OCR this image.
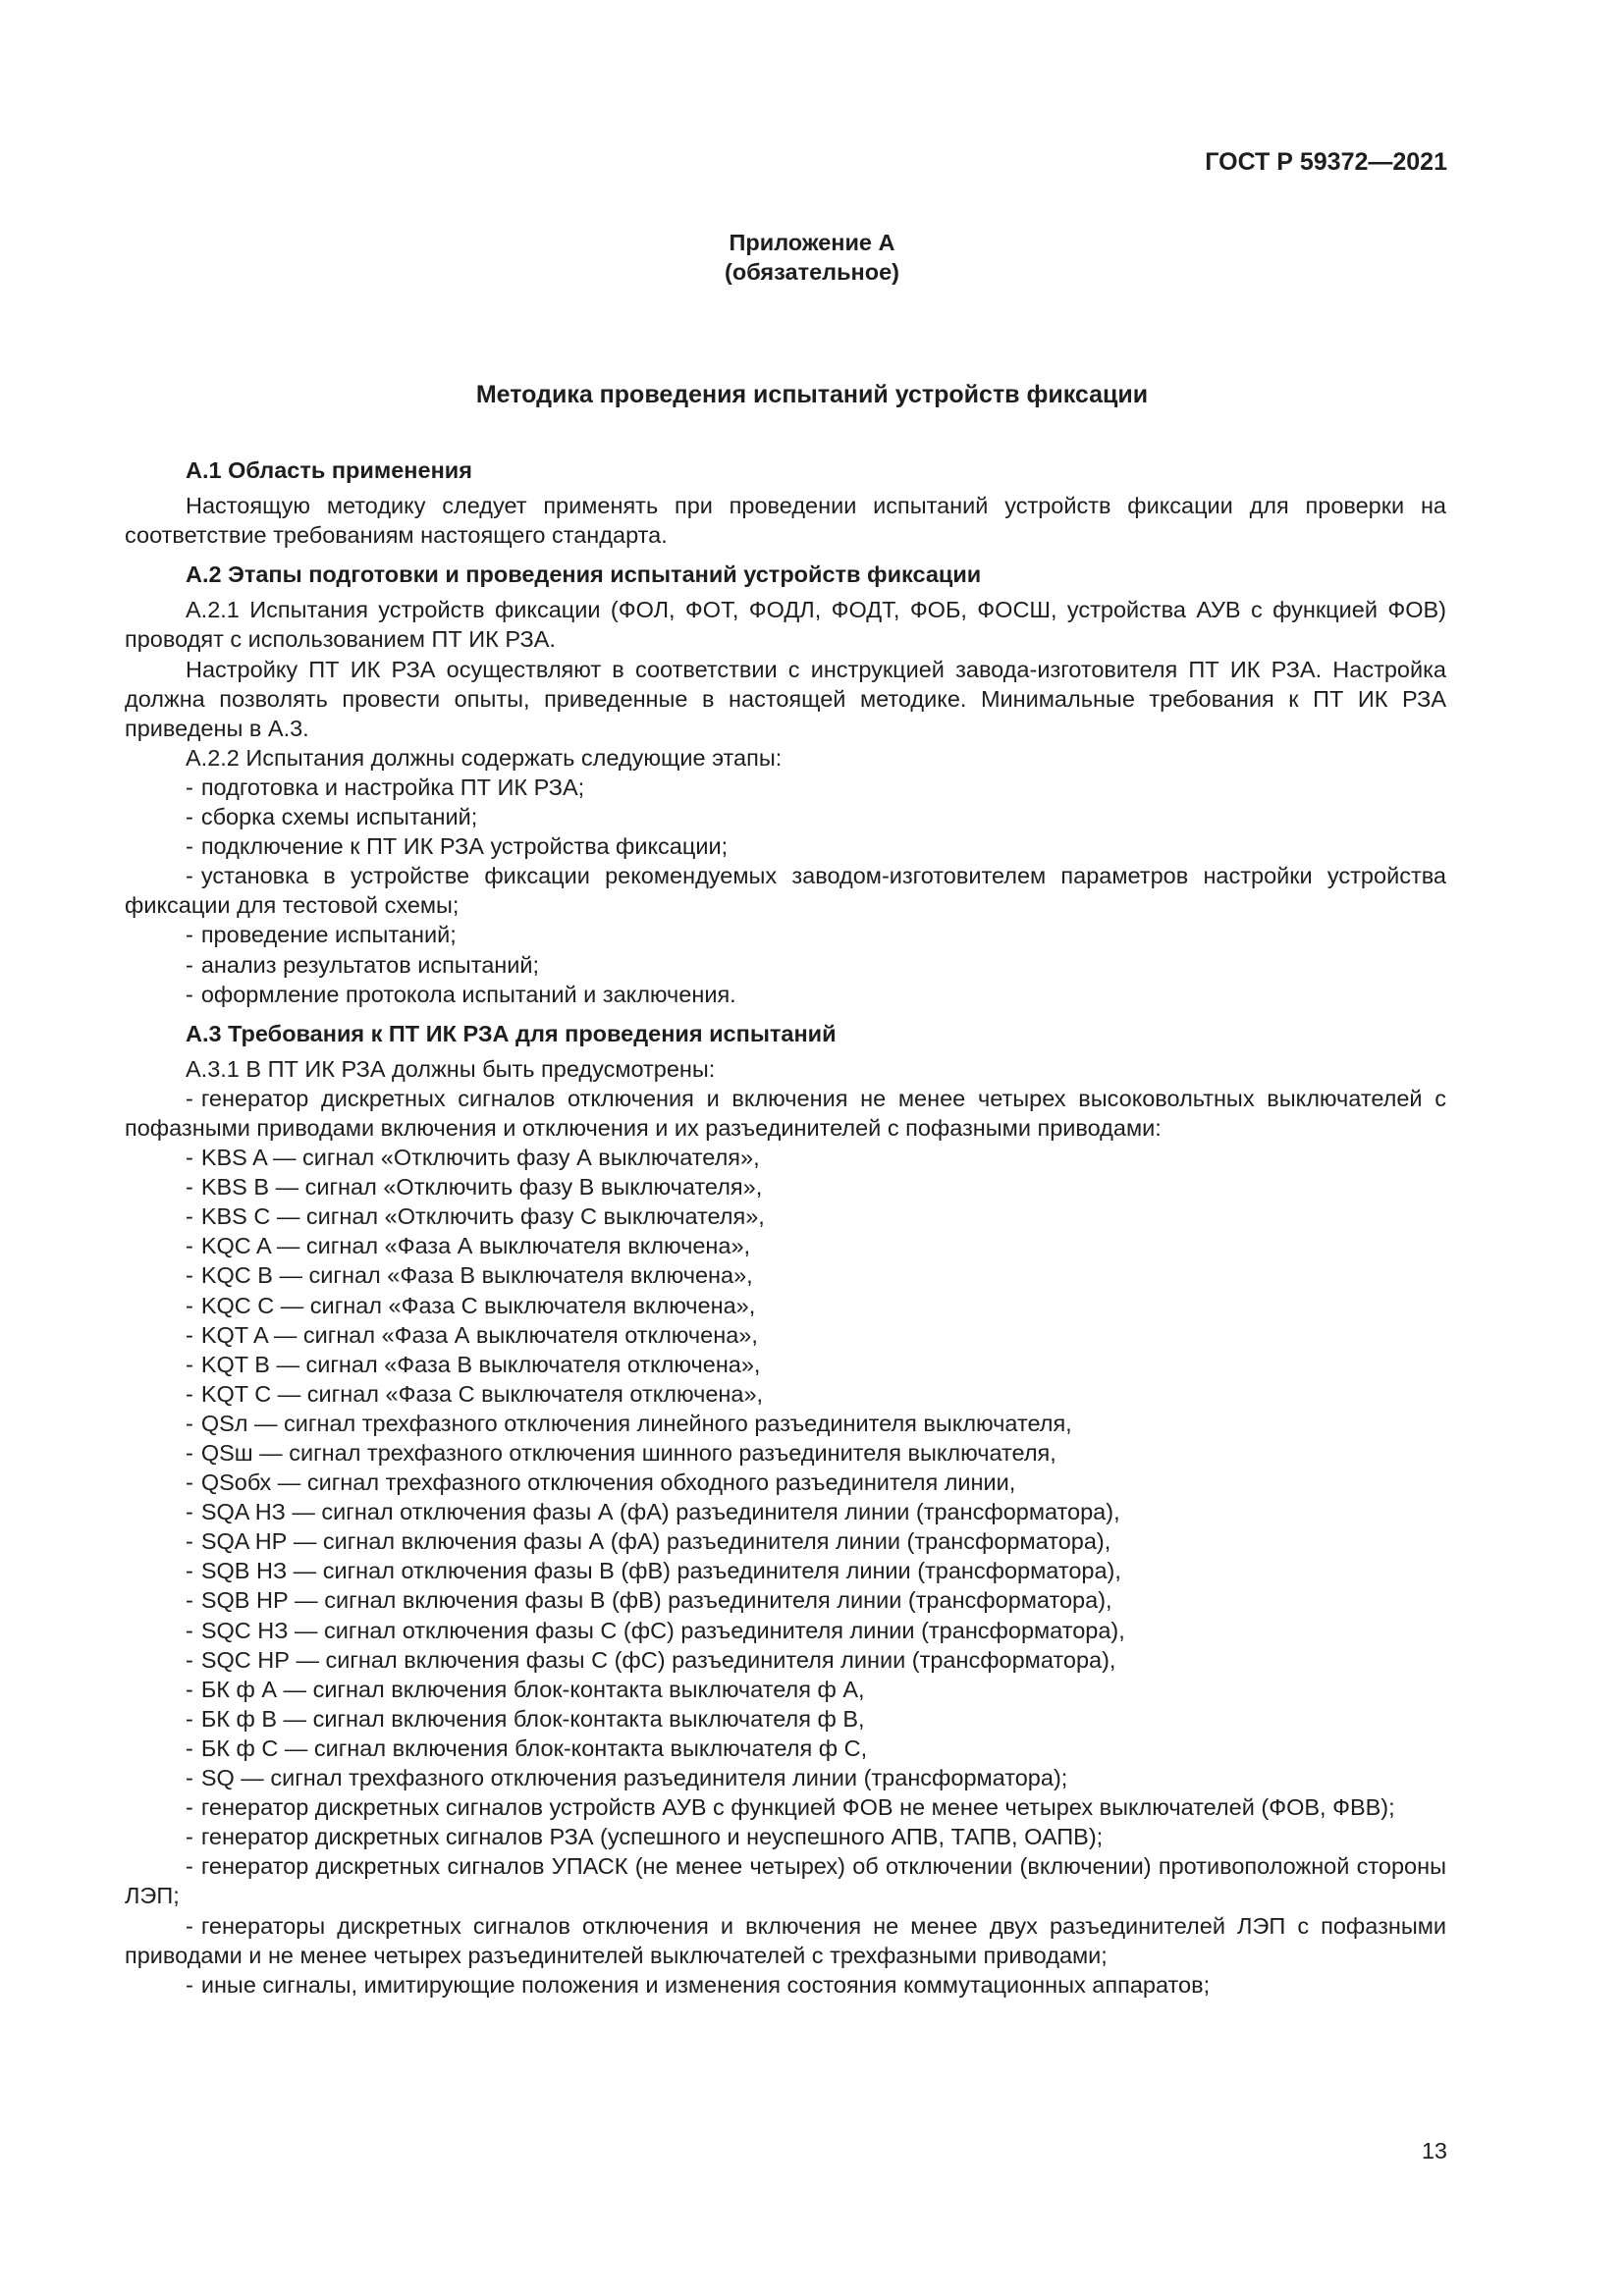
ГОСТ Р 59372—2021
Приложение А
(обязательное)
Методика проведения испытаний устройств фиксации

А.1 Область применения

Настоящую методику следует применять при проведении испытаний устройств фиксации для проверки на соответствие требованиям настоящего стандарта.

А.2 Этапы подготовки и проведения испытаний устройств фиксации

А.2.1 Испытания устройств фиксации (ФОЛ, ФОТ, ФОДЛ, ФОДТ, ФОБ, ФОСШ, устройства АУВ с функцией ФОВ) проводят с использованием ПТ ИК РЗА.

Настройку ПТ ИК РЗА осуществляют в соответствии с инструкцией завода-изготовителя ПТ ИК РЗА. Настройка должна позволять провести опыты, приведенные в настоящей методике. Минимальные требования к ПТ ИК РЗА приведены в А.3.

А.2.2 Испытания должны содержать следующие этапы:

- подготовка и настройка ПТ ИК РЗА;

- сборка схемы испытаний;

- подключение к ПТ ИК РЗА устройства фиксации;

- установка в устройстве фиксации рекомендуемых заводом-изготовителем параметров настройки устройства фиксации для тестовой схемы;

- проведение испытаний;

- анализ результатов испытаний;

- оформление протокола испытаний и заключения.

А.3 Требования к ПТ ИК РЗА для проведения испытаний

А.3.1 В ПТ ИК РЗА должны быть предусмотрены:

- генератор дискретных сигналов отключения и включения не менее четырех высоковольтных выключателей с пофазными приводами включения и отключения и их разъединителей с пофазными приводами:

- KBS A — сигнал «Отключить фазу А выключателя»,

- KBS B — сигнал «Отключить фазу В выключателя»,

- KBS C — сигнал «Отключить фазу С выключателя»,

- KQC A — сигнал «Фаза А выключателя включена»,

- KQC B — сигнал «Фаза В выключателя включена»,

- KQC C — сигнал «Фаза С выключателя включена»,

- KQT A — сигнал «Фаза А выключателя отключена»,

- KQT B — сигнал «Фаза В выключателя отключена»,

- KQT C — сигнал «Фаза С выключателя отключена»,

- QSл — сигнал трехфазного отключения линейного разъединителя выключателя,

- QSш — сигнал трехфазного отключения шинного разъединителя выключателя,

- QSобх — сигнал трехфазного отключения обходного разъединителя линии,

- SQA НЗ — сигнал отключения фазы А (фА) разъединителя линии (трансформатора),

- SQA НР — сигнал включения фазы А (фА) разъединителя линии (трансформатора),

- SQB НЗ — сигнал отключения фазы В (фВ) разъединителя линии (трансформатора),

- SQB НР — сигнал включения фазы В (фВ) разъединителя линии (трансформатора),

- SQC НЗ — сигнал отключения фазы С (фС) разъединителя линии (трансформатора),

- SQC НР — сигнал включения фазы С (фС) разъединителя линии (трансформатора),

- БК ф А — сигнал включения блок-контакта выключателя ф А,

- БК ф В — сигнал включения блок-контакта выключателя ф В,

- БК ф С — сигнал включения блок-контакта выключателя ф С,

- SQ — сигнал трехфазного отключения разъединителя линии (трансформатора);

- генератор дискретных сигналов устройств АУВ с функцией ФОВ не менее четырех выключателей (ФОВ, ФВВ);

- генератор дискретных сигналов РЗА (успешного и неуспешного АПВ, ТАПВ, ОАПВ);

- генератор дискретных сигналов УПАСК (не менее четырех) об отключении (включении) противоположной стороны ЛЭП;

- генераторы дискретных сигналов отключения и включения не менее двух разъединителей ЛЭП с пофазными приводами и не менее четырех разъединителей выключателей с трехфазными приводами;

- иные сигналы, имитирующие положения и изменения состояния коммутационных аппаратов;

13
